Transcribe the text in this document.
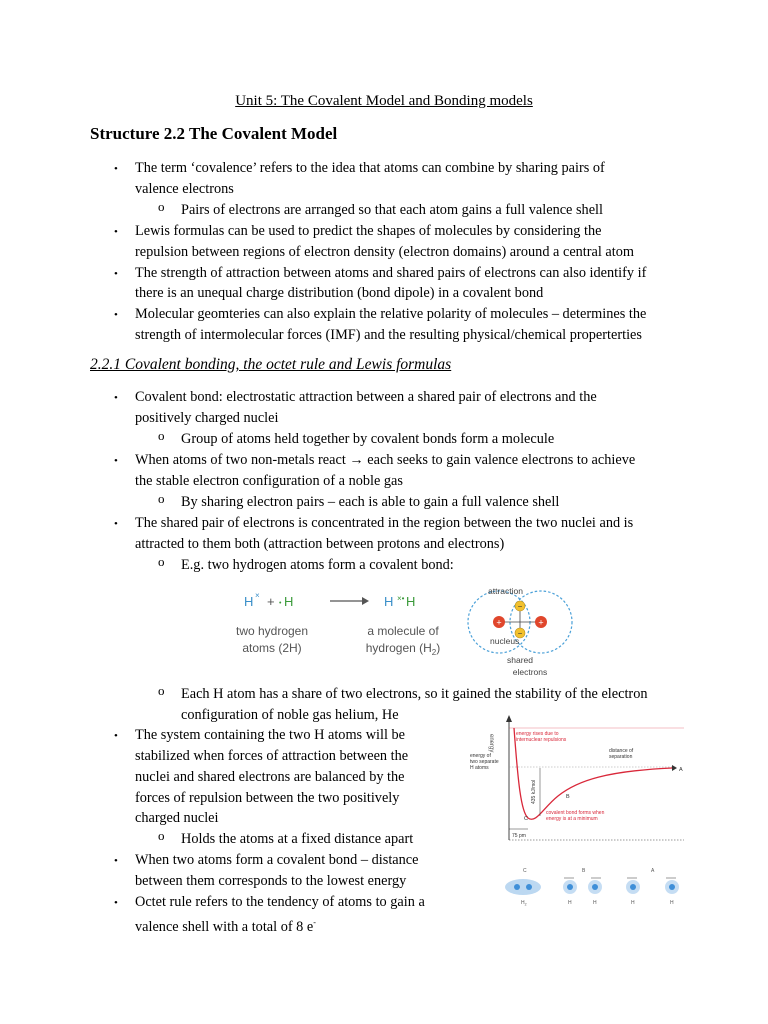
Unit 5: The Covalent Model and Bonding models
Structure 2.2 The Covalent Model
• The term ‘covalence’ refers to the idea that atoms can combine by sharing pairs of
valence electrons
o Pairs of electrons are arranged so that each atom gains a full valence shell
• Lewis formulas can be used to predict the shapes of molecules by considering the
repulsion between regions of electron density (electron domains) around a central atom
• The strength of attraction between atoms and shared pairs of electrons can also identify if
there is an unequal charge distribution (bond dipole) in a covalent bond
• Molecular geomteries can also explain the relative polarity of molecules – determines the
strength of intermolecular forces (IMF) and the resulting physical/chemical properterties
2.2.1 Covalent bonding, the octet rule and Lewis formulas
• Covalent bond: electrostatic attraction between a shared pair of electrons and the
positively charged nuclei
o Group of atoms held together by covalent bonds form a molecule
• When atoms of two non-metals react → each seeks to gain valence electrons to achieve
the stable electron configuration of a noble gas
o By sharing electron pairs – each is able to gain a full valence shell
• The shared pair of electrons is concentrated in the region between the two nuclei and is
attracted to them both (attraction between protons and electrons)
o E.g. two hydrogen atoms form a covalent bond:
H × + • H	H ×• H
two hydrogen
atoms (2H)
a molecule of
hydrogen $(H_2)$
+	+
−
−
attraction
nucleus
shared
electrons
o Each H atom has a share of two electrons, so it gained the stability of the electron
configuration of noble gas helium, He
• The system containing the two H atoms will be
stabilized when forces of attraction between the
nuclei and shared electrons are balanced by the
forces of repulsion between the two positively
charged nuclei
o Holds the atoms at a fixed distance apart
• When two atoms form a covalent bond – distance
between them corresponds to the lowest energy
• Octet rule refers to the tendency of atoms to gain a
valence shell with a total of 8 e-
energy	energy rises due to
internuclear repulsions
energy of
two separate
H atoms
distance of
separation
A
B
C
435 kJ/mol
covalent bond forms when
energy is at a minimum
75 pm
C	B	A
$H_2$	H	H	H	H
